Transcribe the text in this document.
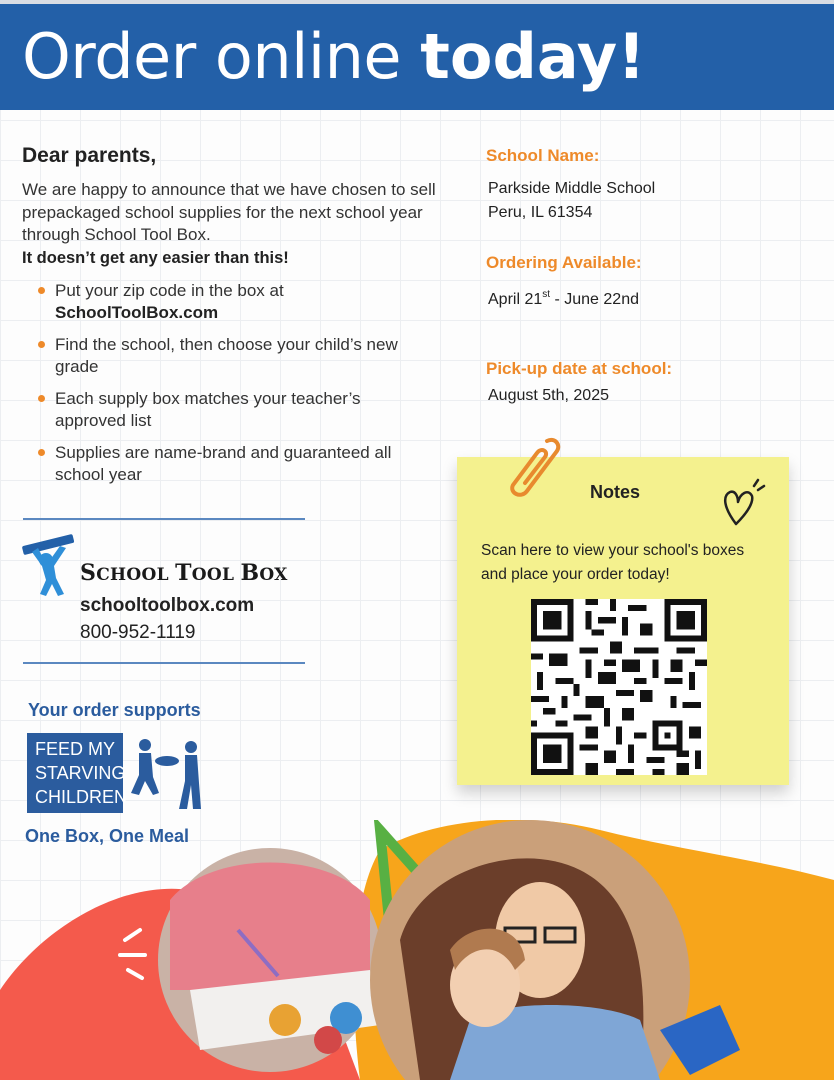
Order online today!
Dear parents,
We are happy to announce that we have chosen to sell prepackaged school supplies for the next school year through School Tool Box.
It doesn’t get any easier than this!
Put your zip code in the box at
SchoolToolBox.com
Find the school, then choose your child’s new grade
Each supply box matches your teacher’s approved list
Supplies are name-brand and guaranteed all school year
SCHOOL TOOL BOX
schooltoolbox.com
800-952-1119
Your order supports
FEED MY
STARVING
CHILDREN
One Box, One Meal
School Name:
Parkside Middle School
Peru, IL 61354
Ordering Available:
April 21st - June 22nd
Pick-up date at school:
August 5th, 2025
Notes
Scan here to view your school's boxes and place your order today!
